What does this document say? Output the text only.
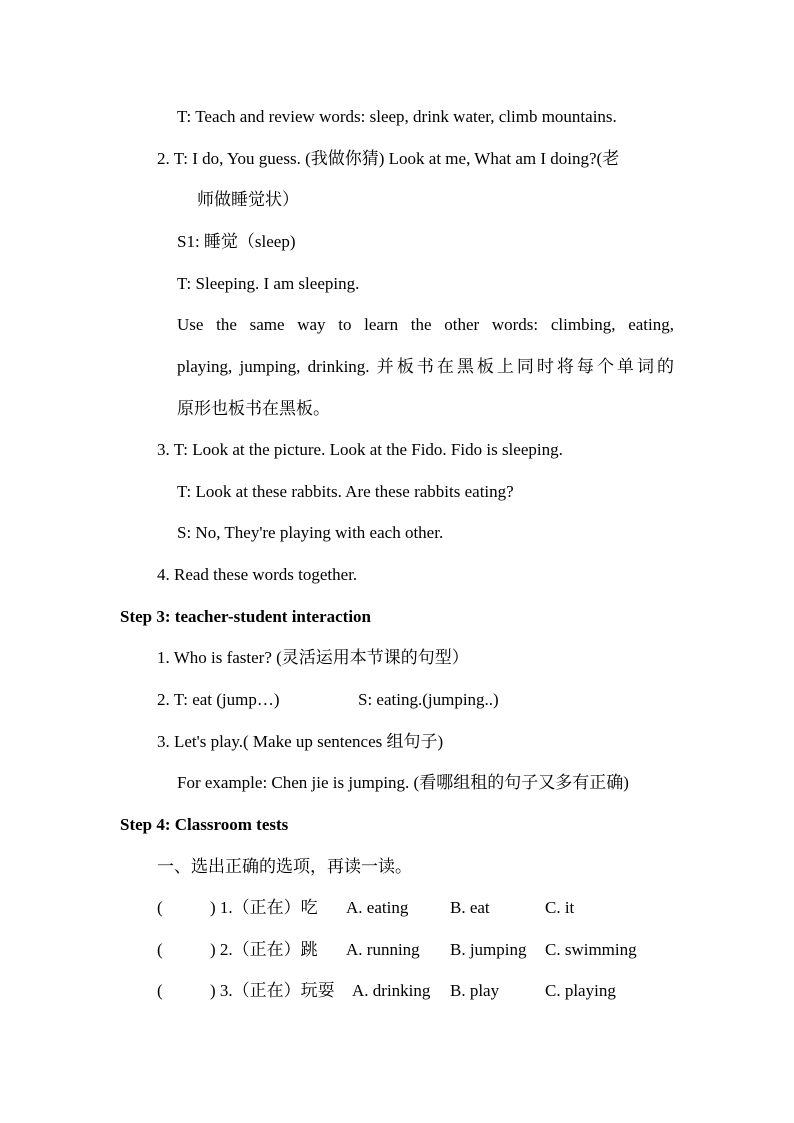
T: Teach and review words: sleep, drink water, climb mountains.
2. T: I do, You guess. (我做你猜) Look at me, What am I doing?(老
师做睡觉状）
S1: 睡觉（sleep)
T: Sleeping. I am sleeping.
Use the same way to learn the other words: climbing, eating,
playing, jumping, drinking. 并板书在黑板上同时将每个单词的
原形也板书在黑板。
3. T: Look at the picture. Look at the Fido. Fido is sleeping.
T: Look at these rabbits. Are these rabbits eating?
S: No, They're playing with each other.
4. Read these words together.
Step 3: teacher-student interaction
1. Who is faster? (灵活运用本节课的句型）
2. T: eat (jump…)	S: eating.(jumping..)
3. Let's play.( Make up sentences 组句子)
For example: Chen jie is jumping. (看哪组租的句子又多有正确)
Step 4: Classroom tests
一、选出正确的选项，再读一读。
(	) 1.（正在）吃 A. eating B. eat	C. it
(	) 2.（正在）跳 A. running B. jumping C. swimming
(	) 3.（正在）玩耍 A. drinking B. play	C. playing
